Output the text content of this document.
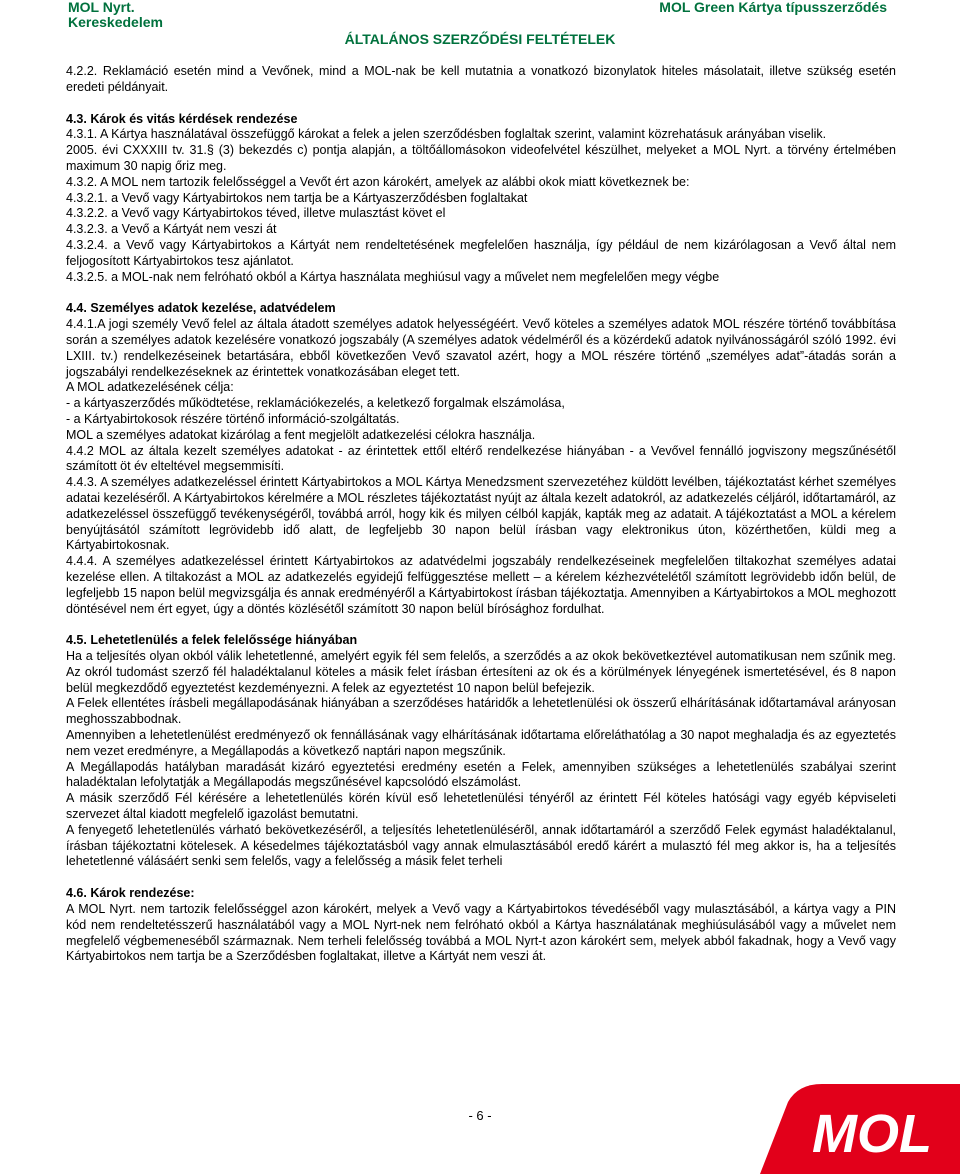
MOL Nyrt.
Kereskedelem
MOL Green Kártya típusszerződés
ÁLTALÁNOS SZERZŐDÉSI FELTÉTELEK

4.2.2. Reklamáció esetén mind a Vevőnek, mind a MOL-nak be kell mutatnia a vonatkozó bizonylatok hiteles másolatait, illetve szükség esetén eredeti példányait.

4.3. Károk és vitás kérdések rendezése

4.3.1. A Kártya használatával összefüggő károkat a felek a jelen szerződésben foglaltak szerint, valamint közrehatásuk arányában viselik.

2005. évi CXXXIII tv. 31.§ (3) bekezdés c) pontja alapján, a töltőállomásokon videofelvétel készülhet, melyeket a MOL Nyrt. a törvény értelmében maximum 30 napig őriz meg.

4.3.2. A MOL nem tartozik felelősséggel a Vevőt ért azon károkért, amelyek az alábbi okok miatt következnek be:

4.3.2.1. a Vevő vagy Kártyabirtokos nem tartja be a Kártyaszerződésben foglaltakat

4.3.2.2. a Vevő vagy Kártyabirtokos téved, illetve mulasztást követ el

4.3.2.3. a Vevő a Kártyát nem veszi át

4.3.2.4. a Vevő vagy Kártyabirtokos a Kártyát nem rendeltetésének megfelelően használja, így például de nem kizárólagosan a Vevő által nem feljogosított Kártyabirtokos tesz ajánlatot.

4.3.2.5. a MOL-nak nem felróható okból a Kártya használata meghiúsul vagy a művelet nem megfelelően megy végbe

4.4. Személyes adatok kezelése, adatvédelem

4.4.1.A jogi személy Vevő felel az általa átadott személyes adatok helyességéért. Vevő köteles a személyes adatok MOL részére történő továbbítása során a személyes adatok kezelésére vonatkozó jogszabály (A személyes adatok védelméről és a közérdekű adatok nyilvánosságáról szóló 1992. évi LXIII. tv.) rendelkezéseinek betartására, ebből következően Vevő szavatol azért, hogy a MOL részére történő „személyes adat”-átadás során a jogszabályi rendelkezéseknek az érintettek vonatkozásában eleget tett.

A MOL adatkezelésének célja:

- a kártyaszerződés működtetése, reklamációkezelés, a keletkező forgalmak elszámolása,

- a Kártyabirtokosok részére történő információ-szolgáltatás.

MOL a személyes adatokat kizárólag a fent megjelölt adatkezelési célokra használja.

4.4.2 MOL az általa kezelt személyes adatokat - az érintettek ettől eltérő rendelkezése hiányában - a Vevővel fennálló jogviszony megszűnésétől számított öt év elteltével megsemmisíti.

4.4.3. A személyes adatkezeléssel érintett Kártyabirtokos a MOL Kártya Menedzsment szervezetéhez küldött levélben, tájékoztatást kérhet személyes adatai kezeléséről. A Kártyabirtokos kérelmére a MOL részletes tájékoztatást nyújt az általa kezelt adatokról, az adatkezelés céljáról, időtartamáról, az adatkezeléssel összefüggő tevékenységéről, továbbá arról, hogy kik és milyen célból kapják, kapták meg az adatait. A tájékoztatást a MOL a kérelem benyújtásától számított legrövidebb idő alatt, de legfeljebb 30 napon belül írásban vagy elektronikus úton, közérthetően, küldi meg a Kártyabirtokosnak.

4.4.4. A személyes adatkezeléssel érintett Kártyabirtokos az adatvédelmi jogszabály rendelkezéseinek megfelelően tiltakozhat személyes adatai kezelése ellen. A tiltakozást a MOL az adatkezelés egyidejű felfüggesztése mellett – a kérelem kézhezvételétől számított legrövidebb időn belül, de legfeljebb 15 napon belül megvizsgálja és annak eredményéről a Kártyabirtokost írásban tájékoztatja. Amennyiben a Kártyabirtokos a MOL meghozott döntésével nem ért egyet, úgy a döntés közlésétől számított 30 napon belül bírósághoz fordulhat.

4.5. Lehetetlenülés a felek felelőssége hiányában

Ha a teljesítés olyan okból válik lehetetlenné, amelyért egyik fél sem felelős, a szerződés a az okok bekövetkeztével automatikusan nem szűnik meg. Az okról tudomást szerző fél haladéktalanul köteles a másik felet írásban értesíteni az ok és a körülmények lényegének ismertetésével, és 8 napon belül megkezdődő egyeztetést kezdeményezni. A felek az egyeztetést 10 napon belül befejezik.

A Felek ellentétes írásbeli megállapodásának hiányában a szerződéses határidők a lehetetlenülési ok összerű elhárításának időtartamával arányosan meghosszabbodnak.

Amennyiben a lehetetlenülést eredményező ok fennállásának vagy elhárításának időtartama előreláthatólag a 30 napot meghaladja és az egyeztetés nem vezet eredményre, a Megállapodás a következő naptári napon megszűnik.

A Megállapodás hatályban maradását kizáró egyeztetési eredmény esetén a Felek, amennyiben szükséges a lehetetlenülés szabályai szerint haladéktalan lefolytatják a Megállapodás megszűnésével kapcsolódó elszámolást.

A másik szerződő Fél kérésére a lehetetlenülés körén kívül eső lehetetlenülési tényéről az érintett Fél köteles hatósági vagy egyéb képviseleti szervezet által kiadott megfelelő igazolást bemutatni.

A fenyegető lehetetlenülés várható bekövetkezéséről, a teljesítés lehetetlenülésérõl, annak időtartamáról a szerződő Felek egymást haladéktalanul, írásban tájékoztatni kötelesek. A késedelmes tájékoztatásból vagy annak elmulasztásából eredő kárért a mulasztó fél meg akkor is, ha a teljesítés lehetetlenné válásáért senki sem felelős, vagy a felelősség a másik felet terheli

4.6. Károk rendezése:

A MOL Nyrt. nem tartozik felelősséggel azon károkért, melyek a Vevő vagy a Kártyabirtokos tévedéséből vagy mulasztásából, a kártya vagy a PIN kód nem rendeltetésszerű használatából vagy a MOL Nyrt-nek nem felróható okból a Kártya használatának meghiúsulásából vagy a művelet nem megfelelő végbemeneséből származnak. Nem terheli felelősség továbbá a MOL Nyrt-t azon károkért sem, melyek abból fakadnak, hogy a Vevő vagy Kártyabirtokos nem tartja be a Szerződésben foglaltakat, illetve a Kártyát nem veszi át.

- 6 -	MOL
